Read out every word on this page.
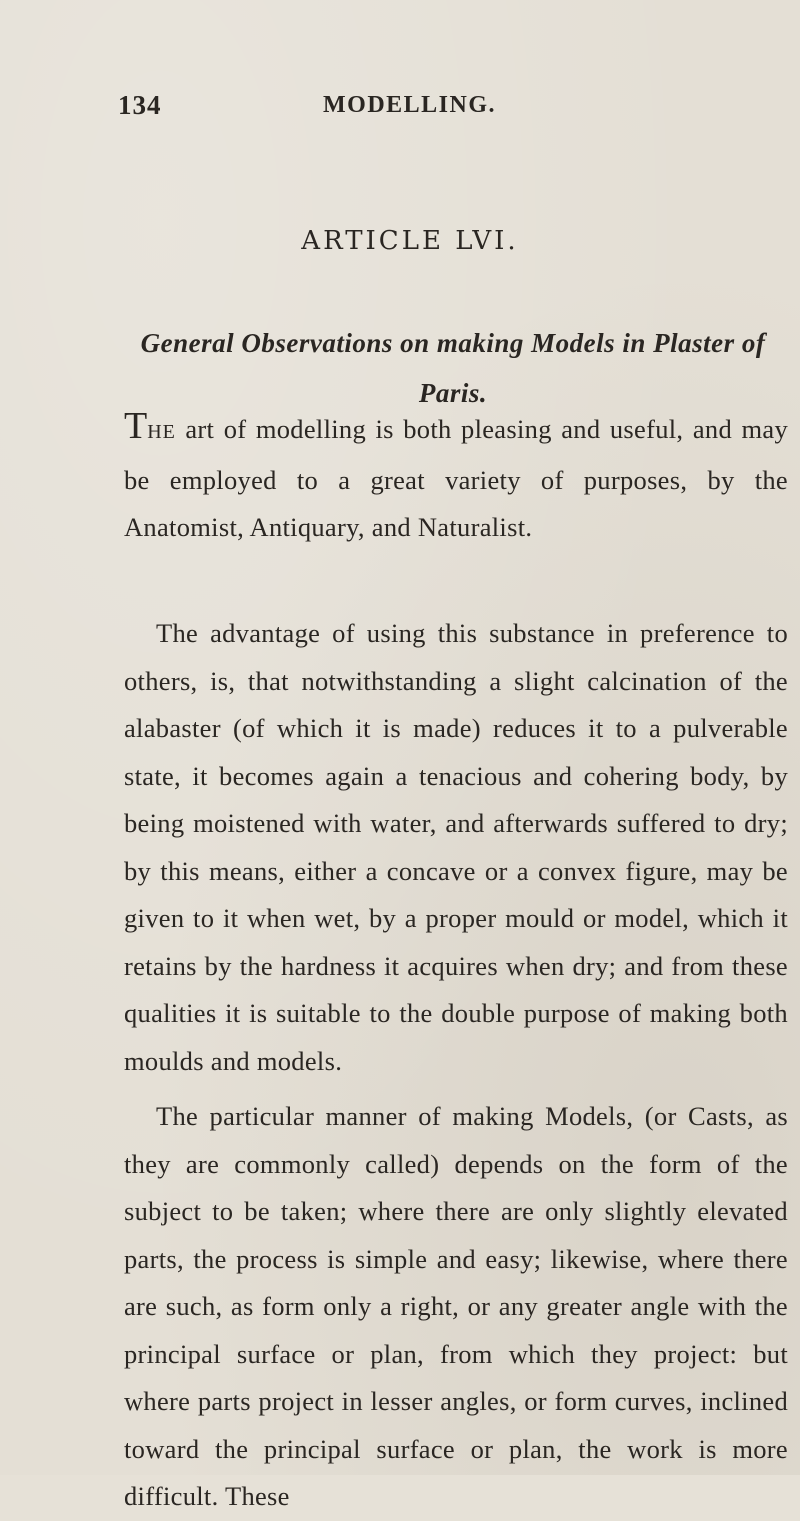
134	MODELLING.
ARTICLE LVI.
General Observations on making Models in Plaster of Paris.

THE art of modelling is both pleasing and useful, and may be employed to a great variety of purposes, by the Anatomist, Antiquary, and Naturalist.

The advantage of using this substance in preference to others, is, that notwithstanding a slight calcination of the alabaster (of which it is made) reduces it to a pulverable state, it becomes again a tenacious and cohering body, by being moistened with water, and afterwards suffered to dry; by this means, either a concave or a convex figure, may be given to it when wet, by a proper mould or model, which it retains by the hardness it acquires when dry; and from these qualities it is suitable to the double purpose of making both moulds and models.

The particular manner of making Models, (or Casts, as they are commonly called) depends on the form of the subject to be taken; where there are only slightly elevated parts, the process is simple and easy; likewise, where there are such, as form only a right, or any greater angle with the principal surface or plan, from which they project: but where parts project in lesser angles, or form curves, inclined toward the principal surface or plan, the work is more difficult. These
